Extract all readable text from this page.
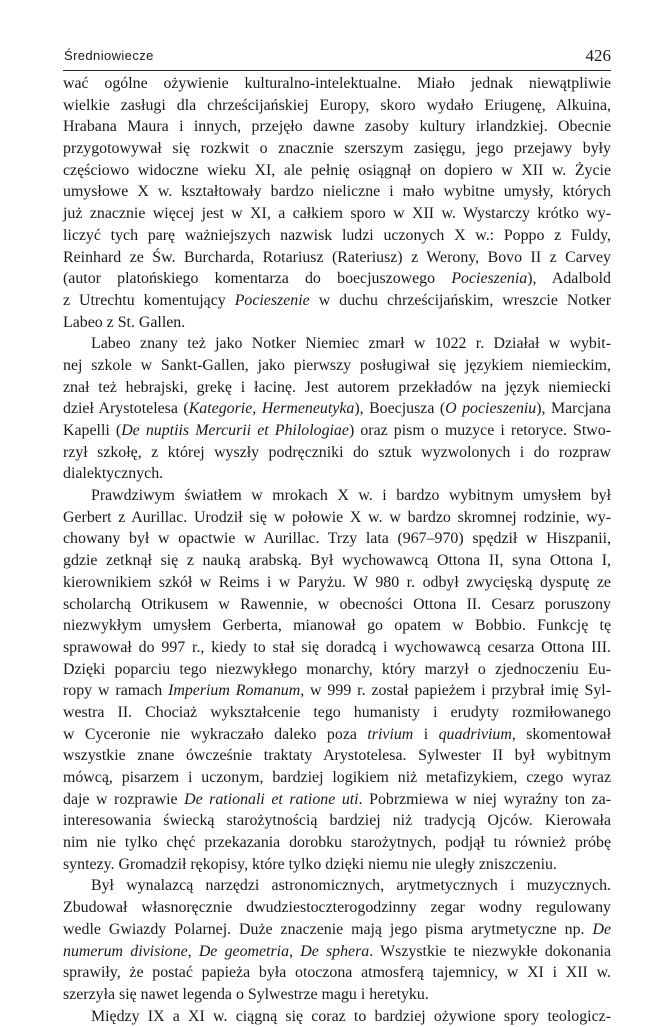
Średniowiecze	426
wać ogólne ożywienie kulturalno-intelektualne. Miało jednak niewątpliwie
wielkie zasługi dla chrześcijańskiej Europy, skoro wydało Eriugenę, Alkuina,
Hrabana Maura i innych, przejęło dawne zasoby kultury irlandzkiej. Obecnie
przygotowywał się rozkwit o znacznie szerszym zasięgu, jego przejawy były
częściowo widoczne wieku XI, ale pełnię osiągnął on dopiero w XII w. Życie
umysłowe X w. kształtowały bardzo nieliczne i mało wybitne umysły, których
już znacznie więcej jest w XI, a całkiem sporo w XII w. Wystarczy krótko wy-
liczyć tych parę ważniejszych nazwisk ludzi uczonych X w.: Poppo z Fuldy,
Reinhard ze Św. Burcharda, Rotariusz (Rateriusz) z Werony, Bovo II z Carvey
(autor platońskiego komentarza do boecjuszowego Pocieszenia), Adalbold
z Utrechtu komentujący Pocieszenie w duchu chrześcijańskim, wreszcie Notker
Labeo z St. Gallen.
Labeo znany też jako Notker Niemiec zmarł w 1022 r. Działał w wybit-
nej szkole w Sankt-Gallen, jako pierwszy posługiwał się językiem niemieckim,
znał też hebrajski, grekę i łacinę. Jest autorem przekładów na język niemiecki
dzieł Arystotelesa (Kategorie, Hermeneutyka), Boecjusza (O pocieszeniu), Marcjana
Kapelli (De nuptiis Mercurii et Philologiae) oraz pism o muzyce i retoryce. Stwo-
rzył szkołę, z której wyszły podręczniki do sztuk wyzwolonych i do rozpraw
dialektycznych.
Prawdziwym światłem w mrokach X w. i bardzo wybitnym umysłem był
Gerbert z Aurillac. Urodził się w połowie X w. w bardzo skromnej rodzinie, wy-
chowany był w opactwie w Aurillac. Trzy lata (967–970) spędził w Hiszpanii,
gdzie zetknął się z nauką arabską. Był wychowawcą Ottona II, syna Ottona I,
kierownikiem szkół w Reims i w Paryżu. W 980 r. odbył zwycięską dysputę ze
scholarchą Otrikusem w Rawennie, w obecności Ottona II. Cesarz poruszony
niezwykłym umysłem Gerberta, mianował go opatem w Bobbio. Funkcję tę
sprawował do 997 r., kiedy to stał się doradcą i wychowawcą cesarza Ottona III.
Dzięki poparciu tego niezwykłego monarchy, który marzył o zjednoczeniu Eu-
ropy w ramach Imperium Romanum, w 999 r. został papieżem i przybrał imię Syl-
westra II. Chociaż wykształcenie tego humanisty i erudyty rozmiłowanego
w Cyceronie nie wykraczało daleko poza trivium i quadrivium, skomentował
wszystkie znane ówcześnie traktaty Arystotelesa. Sylwester II był wybitnym
mówcą, pisarzem i uczonym, bardziej logikiem niż metafizykiem, czego wyraz
daje w rozprawie De rationali et ratione uti. Pobrzmiewa w niej wyraźny ton za-
interesowania świecką starożytnością bardziej niż tradycją Ojców. Kierowała
nim nie tylko chęć przekazania dorobku starożytnych, podjął tu również próbę
syntezy. Gromadził rękopisy, które tylko dzięki niemu nie uległy zniszczeniu.
Był wynalazcą narzędzi astronomicznych, arytmetycznych i muzycznych.
Zbudował własnoręcznie dwudziestoczterogodzinny zegar wodny regulowany
wedle Gwiazdy Polarnej. Duże znaczenie mają jego pisma arytmetyczne np. De
numerum divisione, De geometria, De sphera. Wszystkie te niezwykłe dokonania
sprawiły, że postać papieża była otoczona atmosferą tajemnicy, w XI i XII w.
szerzyła się nawet legenda o Sylwestrze magu i heretyku.
Między IX a XI w. ciągną się coraz to bardziej ożywione spory teologicz-
